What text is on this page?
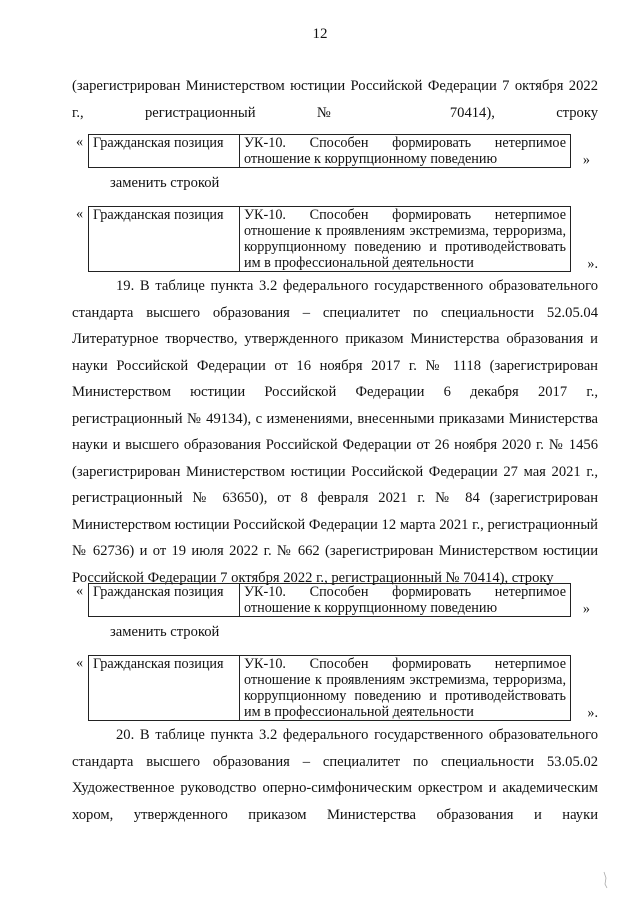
12
(зарегистрирован Министерством юстиции Российской Федерации 7 октября 2022 г., регистрационный № 70414), строку
« Гражданская позиция	УК-10. Способен формировать нетерпимое отношение к коррупционному поведению	»
заменить строкой
« Гражданская позиция	УК-10. Способен формировать нетерпимое отношение к проявлениям экстремизма, терроризма, коррупционному поведению и противодействовать им в профессиональной деятельности	».
19. В таблице пункта 3.2 федерального государственного образовательного стандарта высшего образования – специалитет по специальности 52.05.04 Литературное творчество, утвержденного приказом Министерства образования и науки Российской Федерации от 16 ноября 2017 г. № 1118 (зарегистрирован Министерством юстиции Российской Федерации 6 декабря 2017 г., регистрационный № 49134), с изменениями, внесенными приказами Министерства науки и высшего образования Российской Федерации от 26 ноября 2020 г. № 1456 (зарегистрирован Министерством юстиции Российской Федерации 27 мая 2021 г., регистрационный № 63650), от 8 февраля 2021 г. № 84 (зарегистрирован Министерством юстиции Российской Федерации 12 марта 2021 г., регистрационный № 62736) и от 19 июля 2022 г. № 662 (зарегистрирован Министерством юстиции Российской Федерации 7 октября 2022 г., регистрационный № 70414), строку
« Гражданская позиция	УК-10. Способен формировать нетерпимое отношение к коррупционному поведению	»
заменить строкой
« Гражданская позиция	УК-10. Способен формировать нетерпимое отношение к проявлениям экстремизма, терроризма, коррупционному поведению и противодействовать им в профессиональной деятельности	».
20. В таблице пункта 3.2 федерального государственного образовательного стандарта высшего образования – специалитет по специальности 53.05.02 Художественное руководство оперно-симфоническим оркестром и академическим хором, утвержденного приказом Министерства образования и науки
